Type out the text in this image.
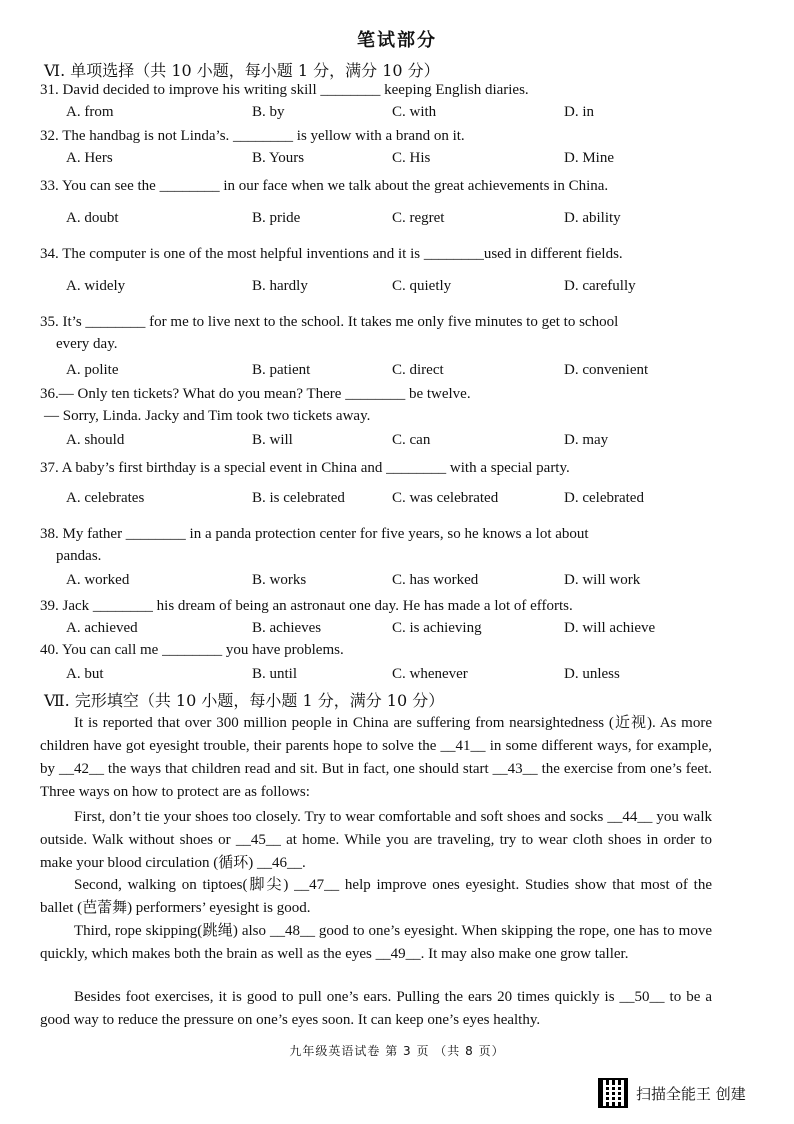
笔试部分
Ⅵ. 单项选择（共 10 小题，每小题 1 分，满分 10 分）
31. David decided to improve his writing skill ________ keeping English diaries.
A. from	B. by	C. with	D. in
32. The handbag is not Linda’s. ________ is yellow with a brand on it.
A. Hers	B. Yours	C. His	D. Mine
33. You can see the ________ in our face when we talk about the great achievements in China.
A. doubt	B. pride	C. regret	D. ability
34. The computer is one of the most helpful inventions and it is ________used in different fields.
A. widely	B. hardly	C. quietly	D. carefully
35. It’s ________ for me to live next to the school. It takes me only five minutes to get to school
every day.
A. polite	B. patient	C. direct	D. convenient
36.— Only ten tickets? What do you mean? There ________ be twelve.
— Sorry, Linda. Jacky and Tim took two tickets away.
A. should	B. will	C. can	D. may
37. A baby’s first birthday is a special event in China and ________ with a special party.
A. celebrates	B. is celebrated	C. was celebrated	D. celebrated
38. My father ________ in a panda protection center for five years, so he knows a lot about
pandas.
A. worked	B. works	C. has worked	D. will work
39. Jack ________ his dream of being an astronaut one day. He has made a lot of efforts.
A. achieved	B. achieves	C. is achieving	D. will achieve
40. You can call me ________ you have problems.
A. but	B. until	C. whenever	D. unless
Ⅶ. 完形填空（共 10 小题，每小题 1 分，满分 10 分）
It is reported that over 300 million people in China are suffering from nearsightedness (近视). As more children have got eyesight trouble, their parents hope to solve the __41__ in some different ways, for example, by __42__ the ways that children read and sit. But in fact, one should start __43__ the exercise from one’s feet. Three ways on how to protect are as follows:
First, don’t tie your shoes too closely. Try to wear comfortable and soft shoes and socks __44__ you walk outside. Walk without shoes or __45__ at home. While you are traveling, try to wear cloth shoes in order to make your blood circulation (循环) __46__.
Second, walking on tiptoes(脚尖) __47__ help improve ones eyesight. Studies show that most of the ballet (芭蕾舞) performers’ eyesight is good.
Third, rope skipping(跳绳) also __48__ good to one’s eyesight. When skipping the rope, one has to move quickly, which makes both the brain as well as the eyes __49__. It may also make one grow taller.
Besides foot exercises, it is good to pull one’s ears. Pulling the ears 20 times quickly is __50__ to be a good way to reduce the pressure on one’s eyes soon. It can keep one’s eyes healthy.
九年级英语试卷 第 3 页 （共 8 页）
扫描全能王 创建
